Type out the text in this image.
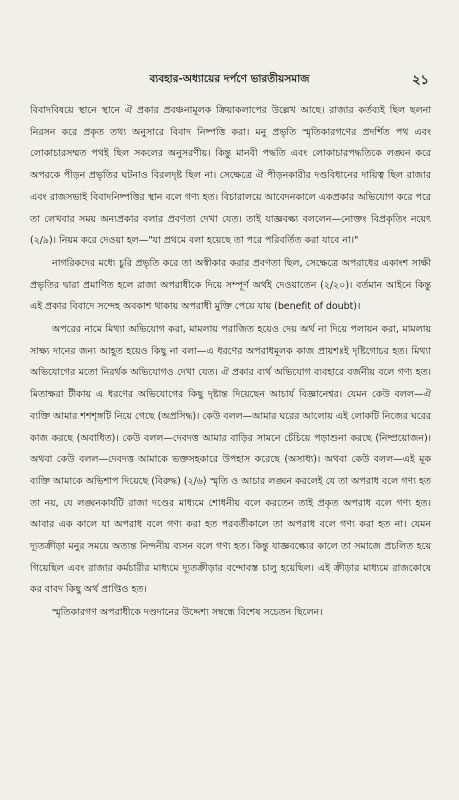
ব্যবহার-অধ্যায়ের দর্পণে ভারতীয়সমাজ	২১

বিবাদবিষয়ে স্থানে স্থানে ঐ প্রকার প্রবঞ্চনামূলক ক্রিয়াকলাপের উল্লেখ আছে। রাজার কর্তব্যই ছিল ছলনা নিরসন করে প্রকৃত তথ্য অনুসারে বিবাদ নিষ্পত্তি করা। মনু প্রভৃতি স্মৃতিকারগণের প্রদর্শিত পথ এবং লোকাচারসম্মত পথই ছিল সকলের অনুসরণীয়। কিন্তু মানবী পদ্ধতি এবং লোকাচারপদ্ধতিকে লঙ্ঘন করে অপরকে পীড়ন প্রভৃতির ঘটনাও বিরলদৃষ্ট ছিল না। সেক্ষেত্রে ঐ পীড়নকারীর দণ্ডবিধানের দায়িত্ব ছিল রাজার এবং রাজসভাই বিবাদনিষ্পত্তির স্থান বলে গণ্য হত। বিচারালয়ে আবেদনকালে একপ্রকার অভিযোগ করে পরে তা লেখবার সময় অন্যপ্রকার বলার প্রবণতা দেখা যেত। তাই যাজ্ঞবল্ক্য বললেন—নোক্তং বিপ্রকৃতিং নয়েৎ (২/৯)। নিয়ম করে দেওয়া হল—"যা প্রথমে বলা হয়েছে তা পরে পরিবর্তিত করা যাবে না।"

নাগরিকদের মধ্যে চুরি প্রভৃতি করে তা অস্বীকার করার প্রবণতা ছিল, সেক্ষেত্রে অপরাধের একাংশ সাক্ষী প্রভৃতির দ্বারা প্রমাণিত হলে রাজা অপরাধীকে দিয়ে সম্পূর্ণ অর্থই দেওয়াতেন (২/২০)। বর্তমান আইনে কিন্তু এই প্রকার বিবাদে সন্দেহ অবকাশ থাকায় অপরাধী মুক্তি পেয়ে যায় (benefit of doubt)।

অপরের নামে মিথ্যা অভিযোগ করা, মামলায় পরাজিত হয়েও দেয় অর্থ না দিয়ে পলায়ন করা, মামলায় সাক্ষ্য দানের জন্য আহূত হয়েও কিছু না বলা—এ ধরণের অপরাধমূলক কাজ প্রায়শঃই দৃষ্টিগোচর হত। মিথ্যা অভিযোগের মতো নিরর্থক অভিযোগও দেখা যেত। ঐ প্রকার ব্যর্থ অভিযোগ ব্যবহারে বর্জনীয় বলে গণ্য হত। মিতাক্ষরা টীকায় এ ধরণের অভিযোগের কিছু দৃষ্টান্ত দিয়েছেন আচার্য বিজ্ঞানেশ্বর। যেমন কেউ বলল—ঐ ব্যক্তি আমার শশশৃঙ্গটি নিয়ে গেছে (অপ্রসিদ্ধ)। কেউ বলল—আমার ঘরের আলোয় এই লোকটি নিজের ঘরের কাজ করছে (অবাধিত)। কেউ বলল—দেবদত্ত আমার বাড়ির সামনে চেঁচিয়ে পড়াশুনা করছে (নিষ্প্রয়োজন)। অথবা কেউ বলল—দেবদত্ত আমাকে ভক্তসহকারে উপহাস করেছে (অসাধ্য)। অথবা কেউ বলল—এই মূক ব্যক্তি আমাকে অভিশাপ দিয়েছে (বিরুদ্ধ) (২/৬) স্মৃতি ও আচার লঙ্ঘন করলেই যে তা অপরাধ বলে গণ্য হত তা নয়, যে লঙ্ঘনকার্যটি রাজা দণ্ডের মাধ্যমে শোধনীয় বলে করতেন তাই প্রকৃত অপরাধ বলে গণ্য হত। আবার এক কালে যা অপরাধ বলে গণ্য করা হত পরবর্তীকালে তা অপরাধ বলে গণ্য করা হত না। যেমন দ্যূতক্রীড়া মনুর সময়ে অত্যন্ত নিন্দনীয় ব্যসন বলে গণ্য হত। কিন্তু যাজ্ঞবল্ক্যের কালে তা সমাজে প্রচলিত হয়ে গিয়েছিল এবং রাজার কর্মচারীর মাধ্যমে দ্যূতক্রীড়ার বন্দোবস্ত চালু হয়েছিল। এই ক্রীড়ার মাধ্যমে রাজকোষে কর বাবদ কিছু অর্থ প্রাপ্তিও হত।

স্মৃতিকারগণ অপরাধীকে দণ্ডদানের উদ্দেশ্য সম্বন্ধে বিশেষ সচেতন ছিলেন।
